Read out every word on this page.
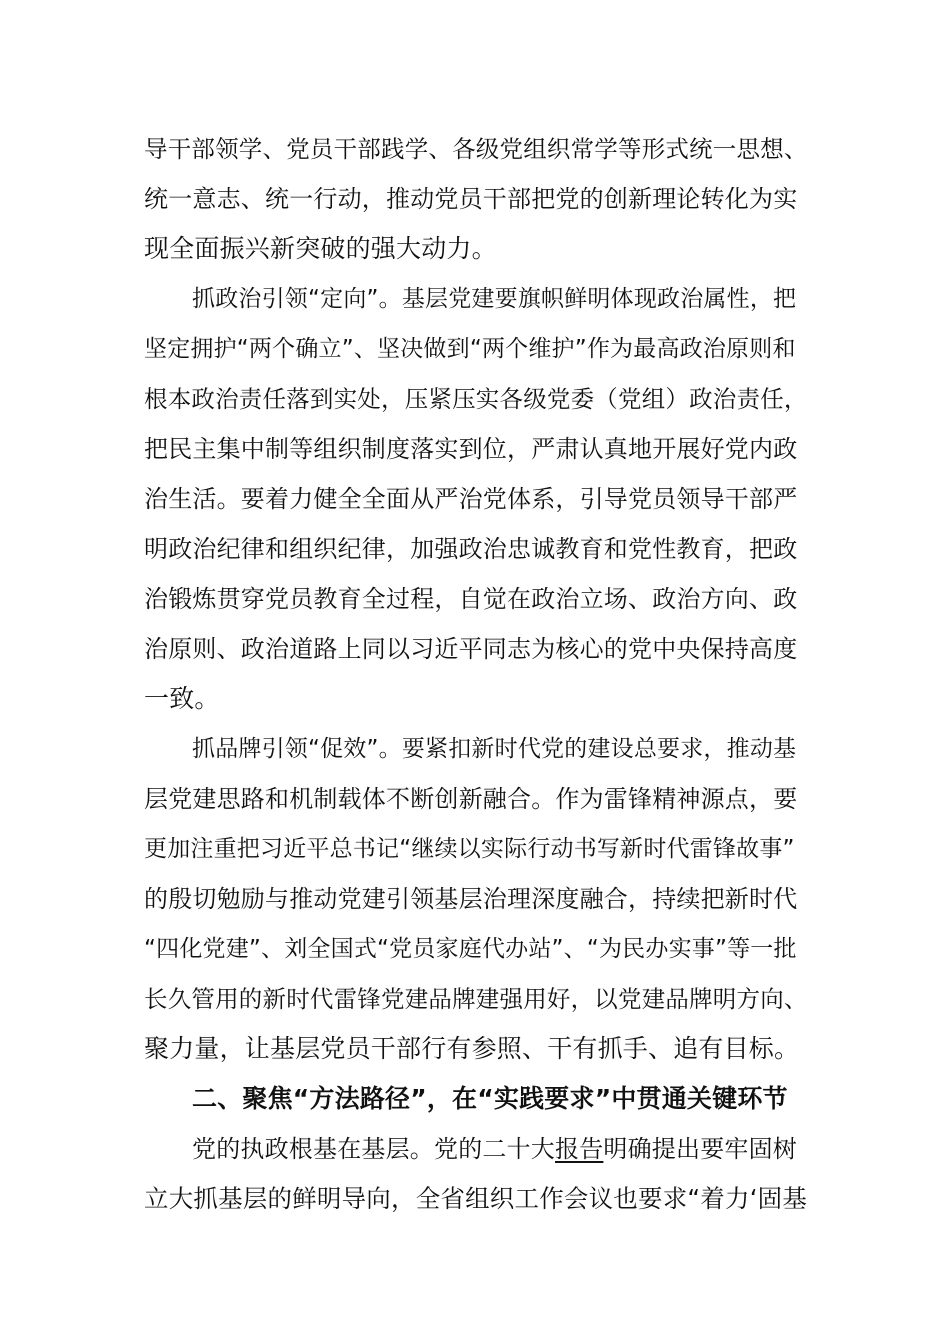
导干部领学、党员干部践学、各级党组织常学等形式统一思想、
统一意志、统一行动，推动党员干部把党的创新理论转化为实
现全面振兴新突破的强大动力。
抓政治引领“定向”。基层党建要旗帜鲜明体现政治属性，把
坚定拥护“两个确立”、坚决做到“两个维护”作为最高政治原则和
根本政治责任落到实处，压紧压实各级党委（党组）政治责任，
把民主集中制等组织制度落实到位，严肃认真地开展好党内政
治生活。要着力健全全面从严治党体系，引导党员领导干部严
明政治纪律和组织纪律，加强政治忠诚教育和党性教育，把政
治锻炼贯穿党员教育全过程，自觉在政治立场、政治方向、政
治原则、政治道路上同以习近平同志为核心的党中央保持高度
一致。
抓品牌引领“促效”。要紧扣新时代党的建设总要求，推动基
层党建思路和机制载体不断创新融合。作为雷锋精神源点，要
更加注重把习近平总书记“继续以实际行动书写新时代雷锋故事”
的殷切勉励与推动党建引领基层治理深度融合，持续把新时代
“四化党建”、刘全国式“党员家庭代办站”、“为民办实事”等一批
长久管用的新时代雷锋党建品牌建强用好，以党建品牌明方向、
聚力量，让基层党员干部行有参照、干有抓手、追有目标。
二、聚焦“方法路径”，在“实践要求”中贯通关键环节
党的执政根基在基层。党的二十大报告明确提出要牢固树
立大抓基层的鲜明导向，全省组织工作会议也要求“着力‘固基
